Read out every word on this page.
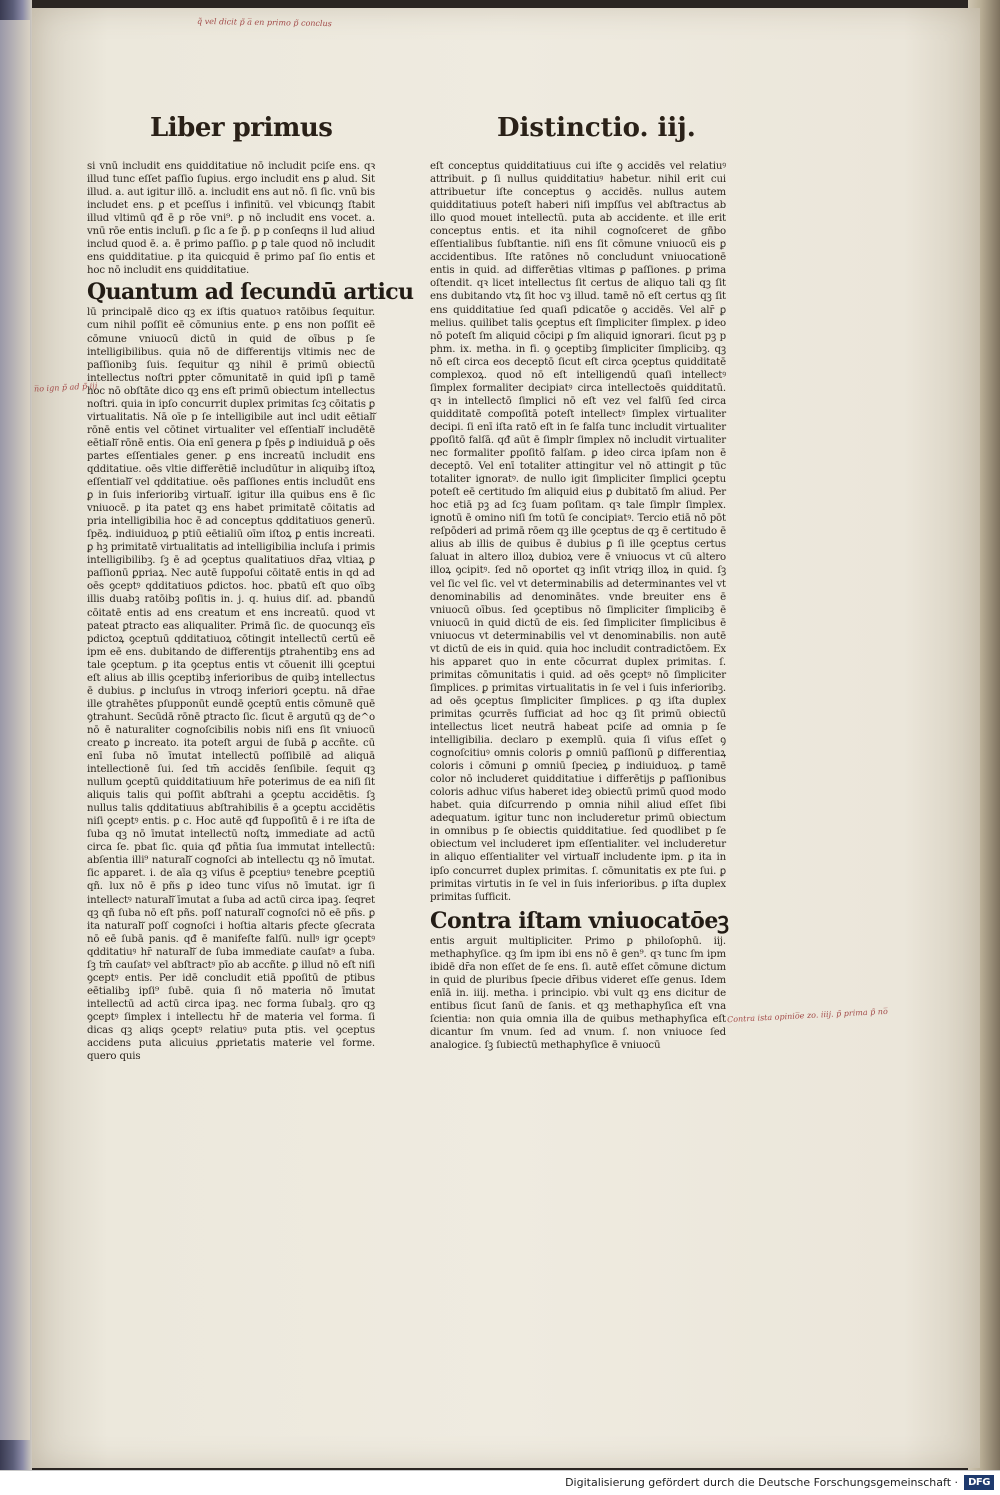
q̃ vel dicit p̃ a̅ en primo p̃ conclus
n̅o ign p̃ ad p̃ iij
Contra ista opinio̅e zo. iiij. p̃ prima p̃ no̅
Liber primus	Distinctio. iij.

si vnū includit ens quidditatiue nō includit pciſe ens. qꝛ illud tunc eſſet paſſio ſuꝑius. ergo includit ens ꝑ alud. Sit illud. a. aut igitur illō. a. includit ens aut nō. ſi ſic. vnū bis includet ens. ꝑ et pceſſus i infinitū. vel vbicunqꝫ ſtabit illud vltimū qđ ē ꝑ rōe vni⁹. ꝑ nō includit ens vocet. a. vnū rōe entis incluſi. ꝑ ſic a ſe p̃. ꝑ p conſeqns il lud aliud includ quod ē. a. ē primo paſſio. ꝑ ꝑ tale quod nō includit ens quidditatiue. ꝑ ita quicquid ē primo paſ ſio entis et hoc nō includit ens quidditatiue.

Quantum ad ſecundū articu

lū principalē dico qꝫ ex iſtis quatuoꝛ ratōibus ſequitur. cum nihil poſſit eē cōmunius ente. ꝑ ens non poſſit eē cōmune vniuocū dictū in quid de oībus p ſe intelligibilibus. quia nō de differentijs vltimis nec de paſſionibꝫ ſuis. ſequitur qꝫ nihil ē primū obiectū intellectus noſtri ꝑpter cōmunitatē in quid ipſi ꝑ tamē hoc nō obſtāte dico qꝫ ens eſt primū obiectum intellectus noſtri. quia in ipſo concurrit duplex primitas ſcꝫ cōitatis ꝑ virtualitatis. Nā oīe p ſe intelligibile aut incl udit eētialiᷓ rōnē entis vel cōtinet virtualiter vel eſſentialiᷓ includētē eētialiᷓ rōnē entis. Oia enī genera ꝑ ſpēs ꝑ indiuiduā ꝑ oēs partes eſſentiales gener. ꝑ ens increatū includit ens qdditatiue. oēs vltie differētiē includūtur in aliquibꝫ iſtoꝝ eſſentialiᷓ vel qdditatiue. oēs paſſiones entis includūt ens ꝑ in ſuis inferioribꝫ virtualiᷓ. igitur illa quibus ens ē ſic vniuocē. ꝑ ita patet qꝫ ens habet primitatē cōitatis ad pria intelligibilia hoc ē ad conceptus qdditatiuos generū. ſpēꝝ. indiuiduoꝝ ꝑ ptiū eētialiū oīm iſtoꝝ ꝑ entis increati. ꝑ hꝫ primitatē virtualitatis ad intelligibilia incluſa i primis intelligibilibꝫ. ſꝫ ē ad ꝯceptus qualitatiuos dr̄aꝝ vltiaꝝ ꝑ paſſionū ꝑpriaꝝ. Nec autē ſuppoſui cōitatē entis in qd ad oēs ꝯceptꝰ qdditatiuos ꝑdictos. hoc. pbatū eſt quo oībꝫ illis duabꝫ ratōibꝫ poſitis in. j. q. huius diſ. ad. pbandū cōitatē entis ad ens creatum et ens increatū. quod vt pateat ꝑtracto eas aliqualiter. Primā ſic. de quocunqꝫ eīs pdictoꝝ ꝯceptuū qdditatiuoꝝ cōtingit intellectū certū eē ipm eē ens. dubitando de differentijs ꝑtrahentibꝫ ens ad tale ꝯceptum. ꝑ ita ꝯceptus entis vt cōuenit illi ꝯceptui eſt alius ab illis ꝯceptibꝫ inferioribus de quibꝫ intellectus ē dubius. ꝑ incluſus in vtroqꝫ inferiori ꝯceptu. nā dr̄ae ille ꝯtrahētes pſupponūt eundē ꝯceptū entis cōmunē quē ꝯtrahunt. Secūdā rōnē ꝑtracto ſic. ſicut ē argutū qꝫ de^o nō ē naturaliter cognoſcibilis nobis niſi ens ſit vniuocū creato ꝑ increato. ita poteſt argui de ſubā ꝑ accñte. cū enī ſuba nō īmutat intellectū poſſibilē ad aliquā intellectionē ſui. ſed tm̄ accidēs ſenſibile. ſequit qꝫ nullum ꝯceptū quidditatiuum hr̄e poterimus de ea niſi ſit aliquis talis qui poſſit abſtrahi a ꝯceptu accidētis. ſꝫ nullus talis qdditatiuus abſtrahibilis ē a ꝯceptu accidētis niſi ꝯceptꝰ entis. ꝑ c. Hoc autē qđ ſuppoſitū ē i re iſta de ſuba qꝫ nō īmutat intellectū noſtꝝ immediate ad actū circa ſe. pbat ſic. quia qđ pñtia ſua immutat intellectū: abſentia illi⁹ naturaliᷓ cognoſci ab intellectu qꝫ nō īmutat. ſic apparet. i. de aīa qꝫ viſus ē ꝑceptiuꝰ tenebre ꝑceptiū qñ. lux nō ē pñs ꝑ ideo tunc viſus nō īmutat. igr ſi intellectꝰ naturaliᷓ īmutat a ſuba ad actū circa ipaꝫ. ſeqret qꝫ qñ ſuba nō eſt pñs. poſſ naturaliᷓ cognoſci nō eē pñs. ꝑ ita naturaliᷓ poſſ cognoſci i hoſtia altaris ꝑfecte ꝯſecrata nō eē ſubā panis. qđ ē manifeſte falſū. nullꝰ igr ꝯceptꝰ qdditatiuꝰ hr̄ naturaliᷓ de ſuba immediate cauſatꝰ a ſuba. ſꝫ tm̄ cauſatꝰ vel abſtractꝰ pīo ab accñte. ꝑ illud nō eſt niſi ꝯceptꝰ entis. Per idē concludit etiā ppoſitū de ptibus eētialibꝫ ipſi⁹ ſubē. quia ſi nō materia nō īmutat intellectū ad actū circa ipaꝫ. nec forma ſubalꝫ. qro qꝫ ꝯceptꝰ ſimplex i intellectu hr̄ de materia vel forma. ſi dicas qꝫ aliqs ꝯceptꝰ relatiuꝰ puta ptis. vel ꝯceptus accidens puta alicuius ꝓprietatis materie vel forme. quero quis

eſt conceptus quidditatiuus cui iſte ꝯ accidēs vel relatiuꝰ attribuit. ꝑ ſi nullus quidditatiuꝰ habetur. nihil erit cui attribuetur iſte conceptus ꝯ accidēs. nullus autem quidditatiuus poteſt haberi niſi impſſus vel abſtractus ab illo quod mouet intellectū. puta ab accidente. et ille erit conceptus entis. et ita nihil cognoſceret de gñbo eſſentialibus ſubſtantie. niſi ens ſit cōmune vniuocū eis ꝑ accidentibus. Iſte ratōnes nō concludunt vniuocationē entis in quid. ad differētias vltimas ꝑ paſſiones. ꝑ prima oſtendit. qꝛ licet intellectus ſit certus de aliquo tali qꝫ ſit ens dubitando vtꝝ ſit hoc vꝫ illud. tamē nō eſt certus qꝫ ſit ens quidditatiue ſed quaſi pdicatōe ꝯ accidēs. Vel alr̄ ꝑ melius. quilibet talis ꝯceptus eſt ſimpliciter ſimplex. ꝑ ideo nō poteſt ſm aliquid cōcipi ꝑ ſm aliquid ignorari. ſicut pꝫ p phm. ix. metha. in fi. ꝯ ꝯceptibꝫ ſimpliciter ſimplicibꝫ. qꝫ nō eſt circa eos deceptō ſicut eſt circa ꝯceptus quidditatē complexoꝝ. quod nō eſt intelligendū quaſi intellectꝰ ſimplex formaliter decipiatꝰ circa intellectoēs quidditatū. qꝛ in intellectō ſimplici nō eſt vez vel falſū ſed circa quidditatē compoſitā poteſt intellectꝰ ſimplex virtualiter decipi. ſi enī iſta ratō eſt in ſe falſa tunc includit virtualiter ꝑpoſitō falſā. qđ aūt ē ſimplr ſimplex nō includit virtualiter nec formaliter ꝑpoſitō falſam. ꝑ ideo circa ipſam non ē deceptō. Vel enī totaliter attingitur vel nō attingit ꝑ tūc totaliter ignoratꝰ. de nullo igit ſimpliciter ſimplici ꝯceptu poteſt eē certitudo ſm aliquid eius ꝑ dubitatō ſm aliud. Per hoc etiā pꝫ ad ſcꝫ ſuam poſitam. qꝛ tale ſimplr ſimplex. ignotū ē omino niſi ſm totū ſe concipiatꝰ. Tercio etiā nō pōt reſpōderi ad primā rōem qꝫ ille ꝯceptus de qꝫ ē certitudo ē alius ab illis de quibus ē dubius ꝑ ſi ille ꝯceptus certus ſaluat in altero illoꝝ dubioꝝ vere ē vniuocus vt cū altero illoꝝ ꝯcipitꝰ. ſed nō oportet qꝫ inſit vtriqꝫ illoꝝ in quid. ſꝫ vel ſic vel ſic. vel vt determinabilis ad determinantes vel vt denominabilis ad denominātes. vnde breuiter ens ē vniuocū oībus. ſed ꝯceptibus nō ſimpliciter ſimplicibꝫ ē vniuocū in quid dictū de eis. ſed ſimpliciter ſimplicibus ē vniuocus vt determinabilis vel vt denominabilis. non autē vt dictū de eis in quid. quia hoc includit contradictōem. Ex his apparet quo in ente cōcurrat duplex primitas. ſ. primitas cōmunitatis i quid. ad oēs ꝯceptꝰ nō ſimpliciter ſimplices. ꝑ primitas virtualitatis in ſe vel i ſuis inferioribꝫ. ad oēs ꝯceptus ſimpliciter ſimplices. ꝑ qꝫ iſta duplex primitas ꝯcurrēs ſufficiat ad hoc qꝫ ſit primū obiectū intellectus licet neutrā habeat pciſe ad omnia p ſe intelligibilia. declaro p exemplū. quia ſi viſus eſſet ꝯ cognoſcitiuꝰ omnis coloris ꝑ omniū paſſionū ꝑ differentiaꝝ coloris i cōmuni ꝑ omniū ſpecieꝝ ꝑ indiuiduoꝝ. ꝑ tamē color nō includeret quidditatiue i differētijs ꝑ paſſionibus coloris adhuc viſus haberet ideꝫ obiectū primū quod modo habet. quia diſcurrendo p omnia nihil aliud eſſet ſibi adequatum. igitur tunc non includeretur primū obiectum in omnibus p ſe obiectis quidditatiue. ſed quodlibet p ſe obiectum vel includeret ipm eſſentialiter. vel includeretur in aliquo eſſentialiter vel virtualiᷓ includente ipm. ꝑ ita in ipſo concurret duplex primitas. ſ. cōmunitatis ex pte ſui. ꝑ primitas virtutis in ſe vel in ſuis inferioribus. ꝑ iſta duplex primitas ſufficit.

Contra iſtam vniuocatōeꝫ

entis arguit multipliciter. Primo ꝑ philoſophū. iij. methaphyſice. qꝫ ſm ipm ibi ens nō ē gen⁹. qꝛ tunc ſm ipm ibidē dr̄a non eſſet de ſe ens. ſi. autē eſſet cōmune dictum in quid de pluribus ſpecie dr̄ibus videret eſſe genus. Idem enīā in. iiij. metha. i principio. vbi vult qꝫ ens dicitur de entibus ſicut ſanū de ſanis. et qꝫ methaphyſica eſt vna ſcientia: non quia omnia illa de quibus methaphyſica eſt dicantur ſm vnum. ſed ad vnum. ſ. non vniuoce ſed analogice. ſꝫ ſubiectū methaphyſice ē vniuocū

Digitalisierung gefördert durch die Deutsche Forschungsgemeinschaft ·	DFG
